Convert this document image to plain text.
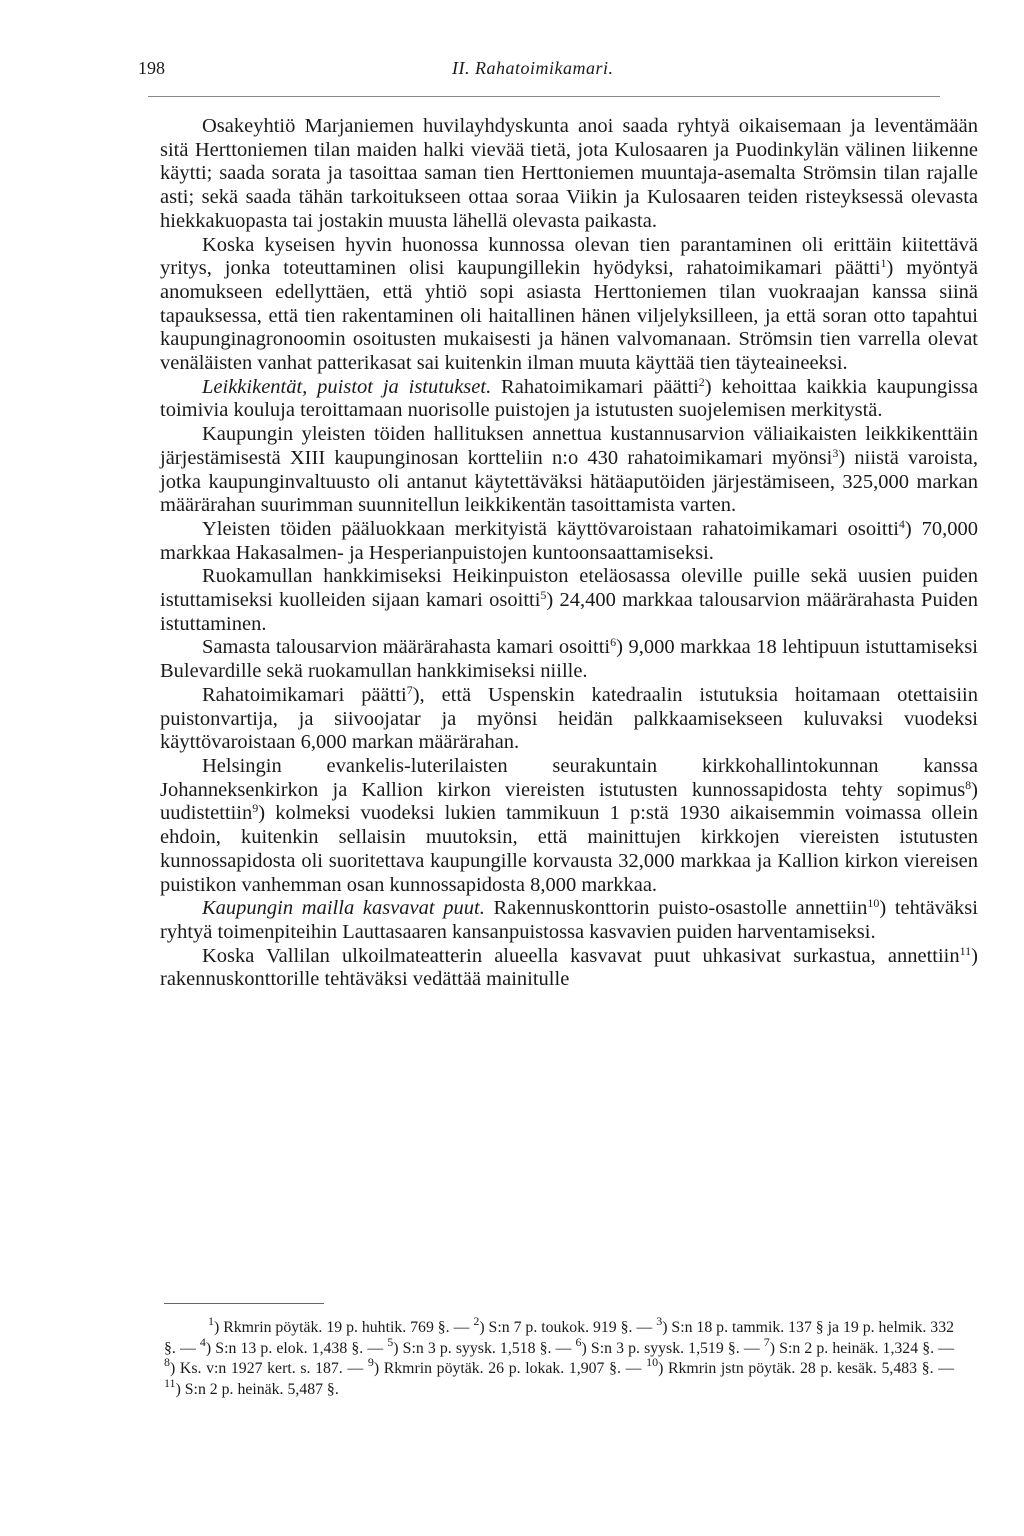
198	II. Rahatoimikamari.

Osakeyhtiö Marjaniemen huvilayhdyskunta anoi saada ryhtyä oikaisemaan ja leventämään sitä Herttoniemen tilan maiden halki vievää tietä, jota Kulosaaren ja Puodinkylän välinen liikenne käytti; saada sorata ja tasoittaa saman tien Herttoniemen muuntaja-asemalta Strömsin tilan rajalle asti; sekä saada tähän tarkoitukseen ottaa soraa Viikin ja Kulosaaren teiden risteyksessä olevasta hiekkakuopasta tai jostakin muusta lähellä olevasta paikasta.

Koska kyseisen hyvin huonossa kunnossa olevan tien parantaminen oli erittäin kiitettävä yritys, jonka toteuttaminen olisi kaupungillekin hyödyksi, rahatoimikamari päätti$^1$) myöntyä anomukseen edellyttäen, että yhtiö sopi asiasta Herttoniemen tilan vuokraajan kanssa siinä tapauksessa, että tien rakentaminen oli haitallinen hänen viljelyksilleen, ja että soran otto tapahtui kaupunginagronoomin osoitusten mukaisesti ja hänen valvomanaan. Strömsin tien varrella olevat venäläisten vanhat patterikasat sai kuitenkin ilman muuta käyttää tien täyteaineeksi.

Leikkikentät, puistot ja istutukset. Rahatoimikamari päätti$^2$) kehoittaa kaikkia kaupungissa toimivia kouluja teroittamaan nuorisolle puistojen ja istutusten suojelemisen merkitystä.

Kaupungin yleisten töiden hallituksen annettua kustannusarvion väliaikaisten leikkikenttäin järjestämisestä XIII kaupunginosan kortteliin n:o 430 rahatoimikamari myönsi$^3$) niistä varoista, jotka kaupunginvaltuusto oli antanut käytettäväksi hätäaputöiden järjestämiseen, 325,000 markan määrärahan suurimman suunnitellun leikkikentän tasoittamista varten.

Yleisten töiden pääluokkaan merkityistä käyttövaroistaan rahatoimikamari osoitti$^4$) 70,000 markkaa Hakasalmen- ja Hesperianpuistojen kuntoonsaattamiseksi.

Ruokamullan hankkimiseksi Heikinpuiston eteläosassa oleville puille sekä uusien puiden istuttamiseksi kuolleiden sijaan kamari osoitti$^5$) 24,400 markkaa talousarvion määrärahasta Puiden istuttaminen.

Samasta talousarvion määrärahasta kamari osoitti$^6$) 9,000 markkaa 18 lehtipuun istuttamiseksi Bulevardille sekä ruokamullan hankkimiseksi niille.

Rahatoimikamari päätti$^7$), että Uspenskin katedraalin istutuksia hoitamaan otettaisiin puistonvartija, ja siivoojatar ja myönsi heidän palkkaamisekseen kuluvaksi vuodeksi käyttövaroistaan 6,000 markan määrärahan.

Helsingin evankelis-luterilaisten seurakuntain kirkkohallintokunnan kanssa Johanneksenkirkon ja Kallion kirkon viereisten istutusten kunnossapidosta tehty sopimus$^8$) uudistettiin$^9$) kolmeksi vuodeksi lukien tammikuun 1 p:stä 1930 aikaisemmin voimassa ollein ehdoin, kuitenkin sellaisin muutoksin, että mainittujen kirkkojen viereisten istutusten kunnossapidosta oli suoritettava kaupungille korvausta 32,000 markkaa ja Kallion kirkon viereisen puistikon vanhemman osan kunnossapidosta 8,000 markkaa.

Kaupungin mailla kasvavat puut. Rakennuskonttorin puisto-osastolle annettiin$^{10}$) tehtäväksi ryhtyä toimenpiteihin Lauttasaaren kansanpuistossa kasvavien puiden harventamiseksi.

Koska Vallilan ulkoilmateatterin alueella kasvavat puut uhkasivat surkastua, annettiin$^{11}$) rakennuskonttorille tehtäväksi vedättää mainitulle

$^1$) Rkmrin pöytäk. 19 p. huhtik. 769 §. — $^2$) S:n 7 p. toukok. 919 §. — $^3$) S:n 18 p. tammik. 137 § ja 19 p. helmik. 332 §. — $^4$) S:n 13 p. elok. 1,438 §. — $^5$) S:n 3 p. syysk. 1,518 §. — $^6$) S:n 3 p. syysk. 1,519 §. — $^7$) S:n 2 p. heinäk. 1,324 §. — $^8$) Ks. v:n 1927 kert. s. 187. — $^9$) Rkmrin pöytäk. 26 p. lokak. 1,907 §. — $^{10}$) Rkmrin jstn pöytäk. 28 p. kesäk. 5,483 §. — $^{11}$) S:n 2 p. heinäk. 5,487 §.
